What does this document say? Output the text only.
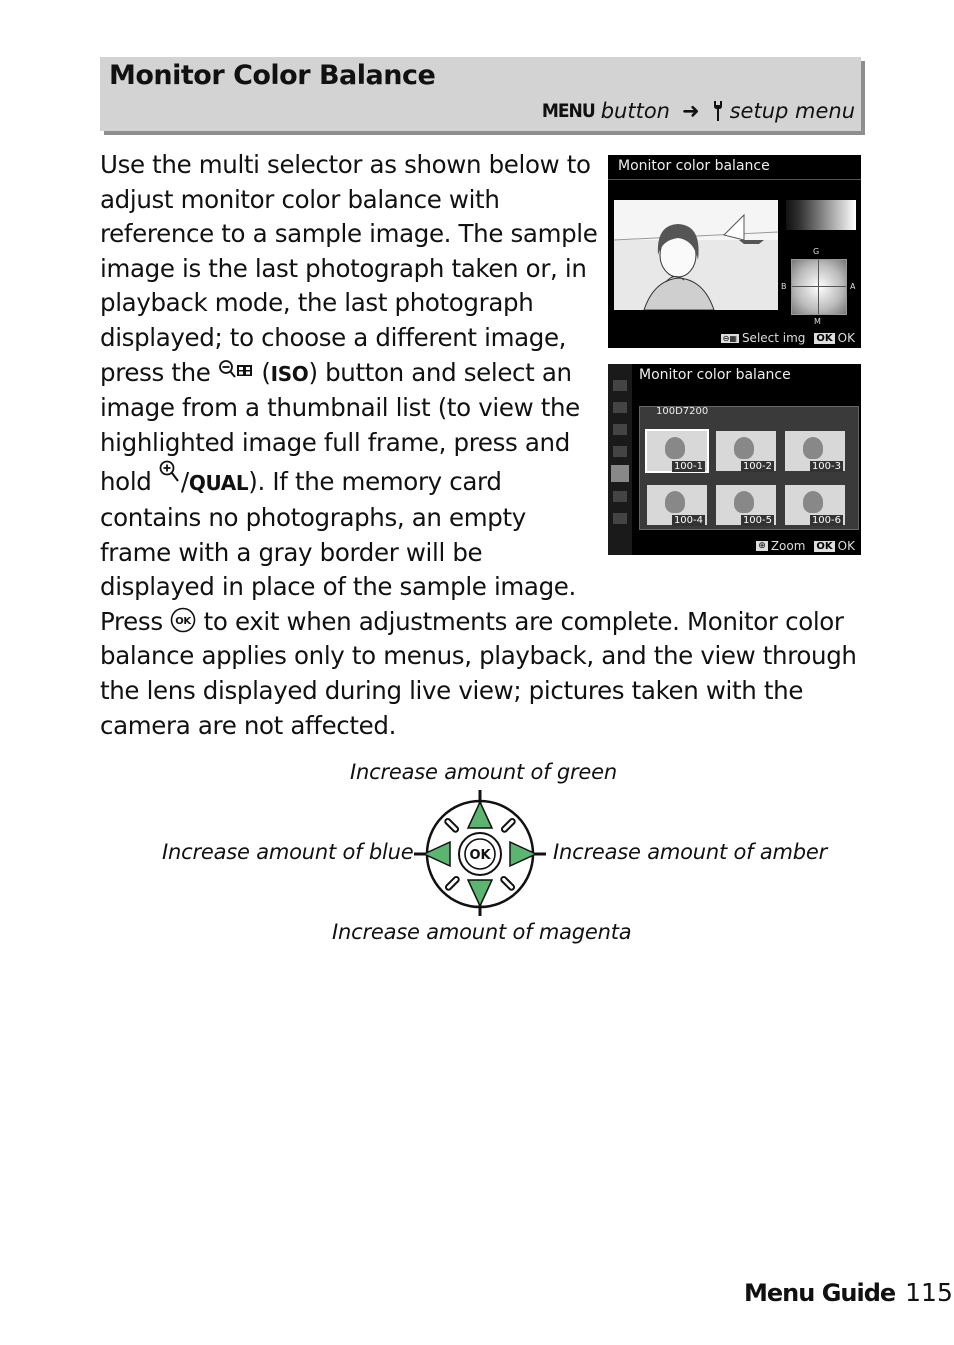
Monitor Color Balance
MENU button ➜ setup menu
Use the multi selector as shown below to
adjust monitor color balance with
reference to a sample image. The sample
image is the last photograph taken or, in
playback mode, the last photograph
displayed; to choose a different image,
press the  (ISO) button and select an
image from a thumbnail list (to view the
highlighted image full frame, press and
hold /QUAL). If the memory card
contains no photographs, an empty
frame with a gray border will be
displayed in place of the sample image.
Press OK to exit when adjustments are complete. Monitor color
balance applies only to menus, playback, and the view through
the lens displayed during live view; pictures taken with the
camera are not affected.
Monitor color balance
G
B	A
M
⊖▦ Select img OK OK
Monitor color balance
100D7200
⊕ Zoom OK OK
100-1	100-2	100-3
100-4	100-5	100-6
Increase amount of green
Increase amount of blue	Increase amount of amber
Increase amount of magenta
OK
Menu Guide 115
